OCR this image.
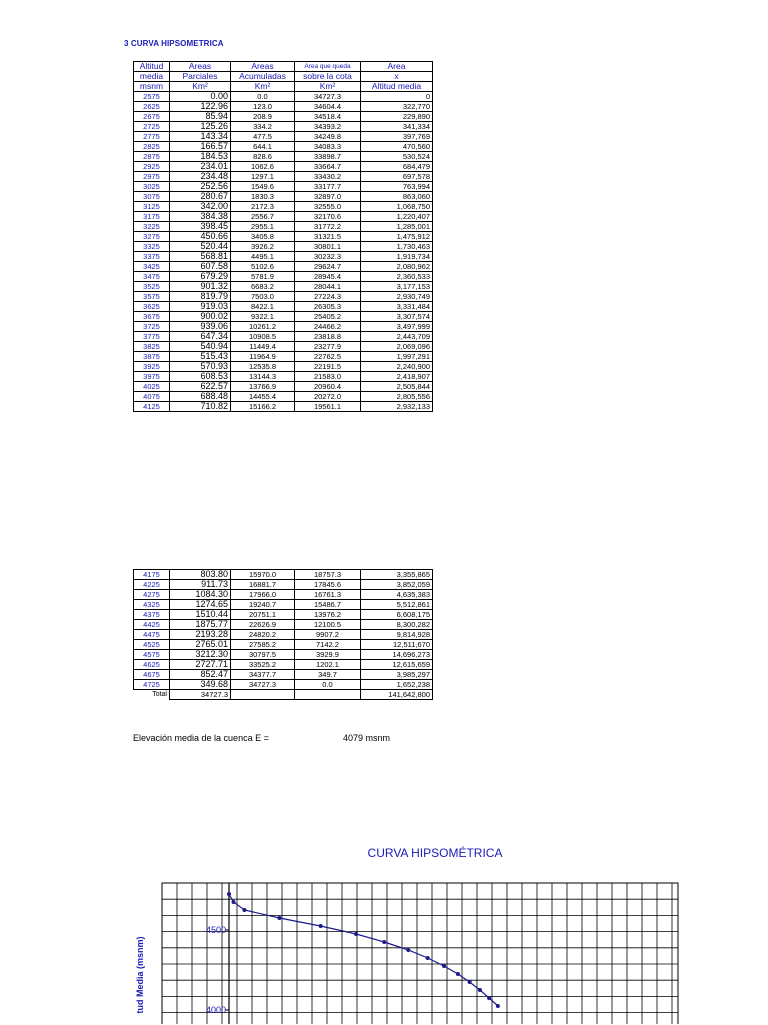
3 CURVA HIPSOMETRICA
Altitud	Areas	Areas	Area que queda	Area
media	Parciales	Acumuladas	sobre la cota	x
msnm	Km²	Km²	Km²	Altitud media
2575	0.00	0.0	34727.3	0
2625	122.96	123.0	34604.4	322,770
2675	85.94	208.9	34518.4	229,890
2725	125.26	334.2	34393.2	341,334
2775	143.34	477.5	34249.8	397,769
2825	166.57	644.1	34083.3	470,560
2875	184.53	828.6	33898.7	530,524
2925	234.01	1062.6	33664.7	684,479
2975	234.48	1297.1	33430.2	697,578
3025	252.56	1549.6	33177.7	763,994
3075	280.67	1830.3	32897.0	863,060
3125	342.00	2172.3	32555.0	1,068,750
3175	384.38	2556.7	32170.6	1,220,407
3225	398.45	2955.1	31772.2	1,285,001
3275	450.66	3405.8	31321.5	1,475,912
3325	520.44	3926.2	30801.1	1,730,463
3375	568.81	4495.1	30232.3	1,919,734
3425	607.58	5102.6	29624.7	2,080,962
3475	679.29	5781.9	28945.4	2,360,533
3525	901.32	6683.2	28044.1	3,177,153
3575	819.79	7503.0	27224.3	2,930,749
3625	919.03	8422.1	26305.3	3,331,484
3675	900.02	9322.1	25405.2	3,307,574
3725	939.06	10261.2	24466.2	3,497,999
3775	647.34	10908.5	23818.8	2,443,709
3825	540.94	11449.4	23277.9	2,069,096
3875	515.43	11964.9	22762.5	1,997,291
3925	570.93	12535.8	22191.5	2,240,900
3975	608.53	13144.3	21583.0	2,418,907
4025	622.57	13766.9	20960.4	2,505,844
4075	688.48	14455.4	20272.0	2,805,556
4125	710.82	15166.2	19561.1	2,932,133
4175	803.80	15970.0	18757.3	3,355,865
4225	911.73	16881.7	17845.6	3,852,059
4275	1084.30	17966.0	16761.3	4,635,383
4325	1274.65	19240.7	15486.7	5,512,861
4375	1510.44	20751.1	13976.2	6,608,175
4425	1875.77	22626.9	12100.5	8,300,282
4475	2193.28	24820.2	9907.2	9,814,928
4525	2765.01	27585.2	7142.2	12,511,670
4575	3212.30	30797.5	3929.9	14,696,273
4625	2727.71	33525.2	1202.1	12,615,659
4675	852.47	34377.7	349.7	3,985,297
4725	349.68	34727.3	0.0	1,652,238
Total	34727.3			141,642,800
Elevación media de la cuenca E =	4079 msnm
CURVA HIPSOMÉTRICA
tud Media (msnm)
4500
4000
